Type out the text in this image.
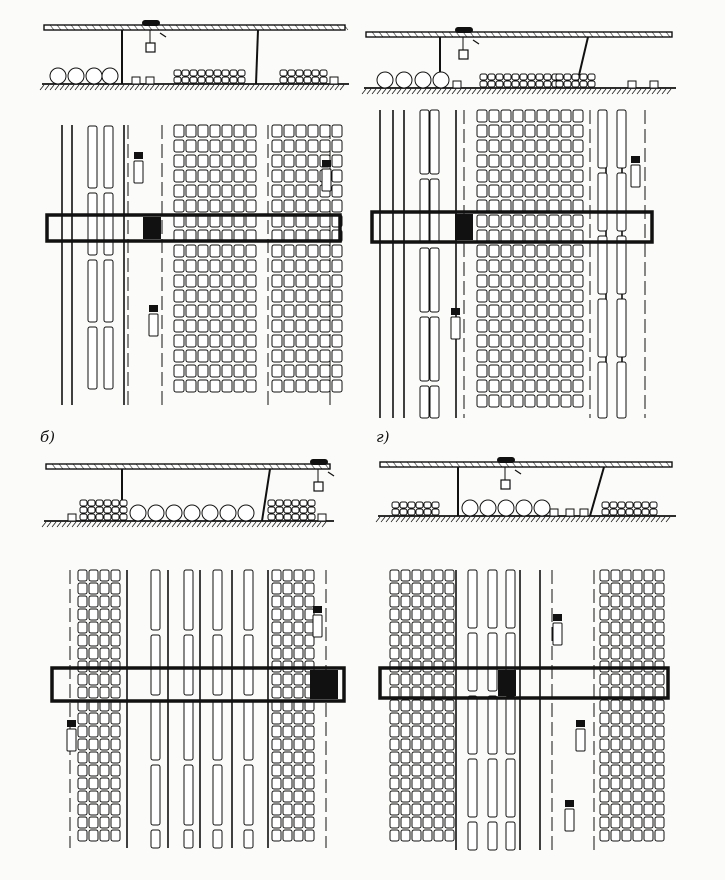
б)	г)
